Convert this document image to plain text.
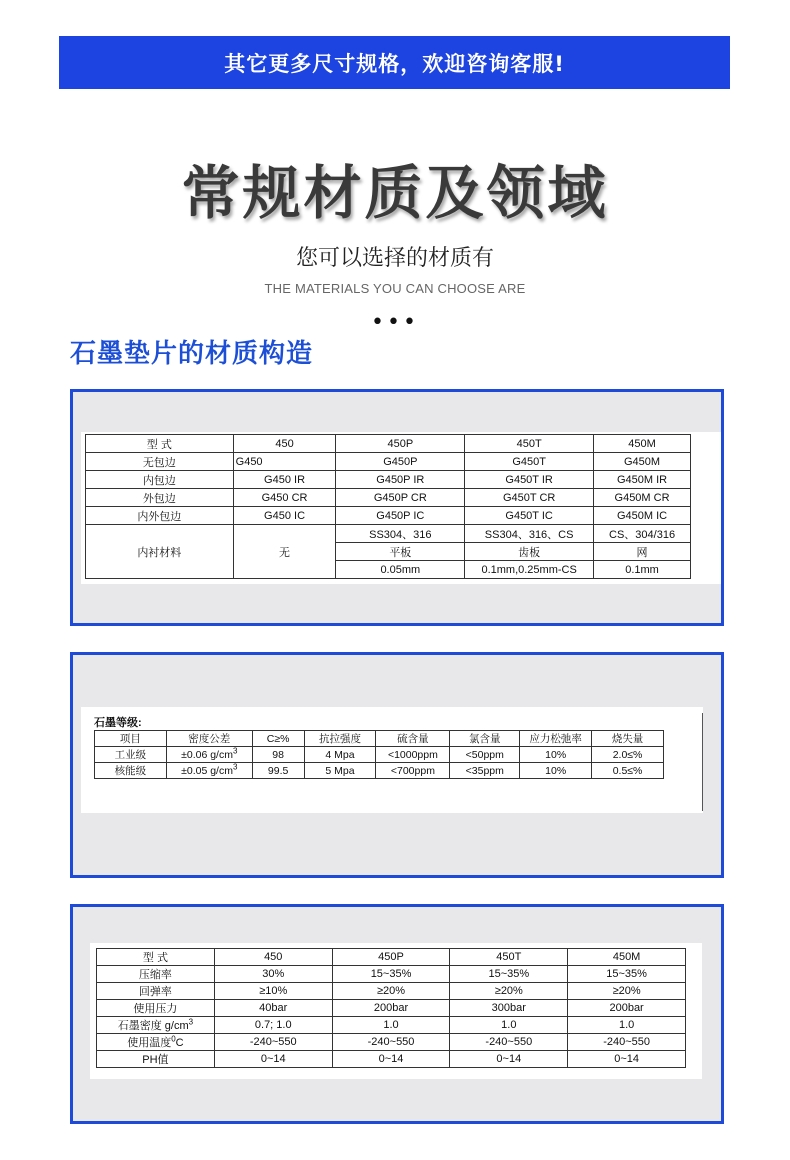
其它更多尺寸规格，欢迎咨询客服!
常规材质及领域
您可以选择的材质有
THE MATERIALS YOU CAN CHOOSE ARE
•••
石墨垫片的材质构造
型 式	450	450P	450T	450M
无包边	G450	G450P	G450T	G450M
内包边	G450 IR	G450P IR	G450T IR	G450M IR
外包边	G450 CR	G450P CR	G450T CR	G450M CR
内外包边	G450 IC	G450P IC	G450T IC	G450M IC
内衬材料	无	SS304、316	SS304、316、CS	CS、304/316
		平板	齿板	网
		0.05mm	0.1mm,0.25mm-CS	0.1mm
石墨等级:
项目	密度公差	C≥%	抗拉强度	硫含量	氯含量	应力松弛率	烧失量
工业级	±0.06 $g/cm^3$	98	4 Mpa	<1000ppm	<50ppm	10%	2.0≤%
核能级	±0.05 $g/cm^3$	99.5	5 Mpa	<700ppm	<35ppm	10%	0.5≤%
型 式	450	450P	450T	450M
压缩率	30%	15~35%	15~35%	15~35%
回弹率	≥10%	≥20%	≥20%	≥20%
使用压力	40bar	200bar	300bar	200bar
石墨密度 $g/cm^3$	0.7; 1.0	1.0	1.0	1.0
使用温度$^0$C	-240~550	-240~550	-240~550	-240~550
PH值	0~14	0~14	0~14	0~14
